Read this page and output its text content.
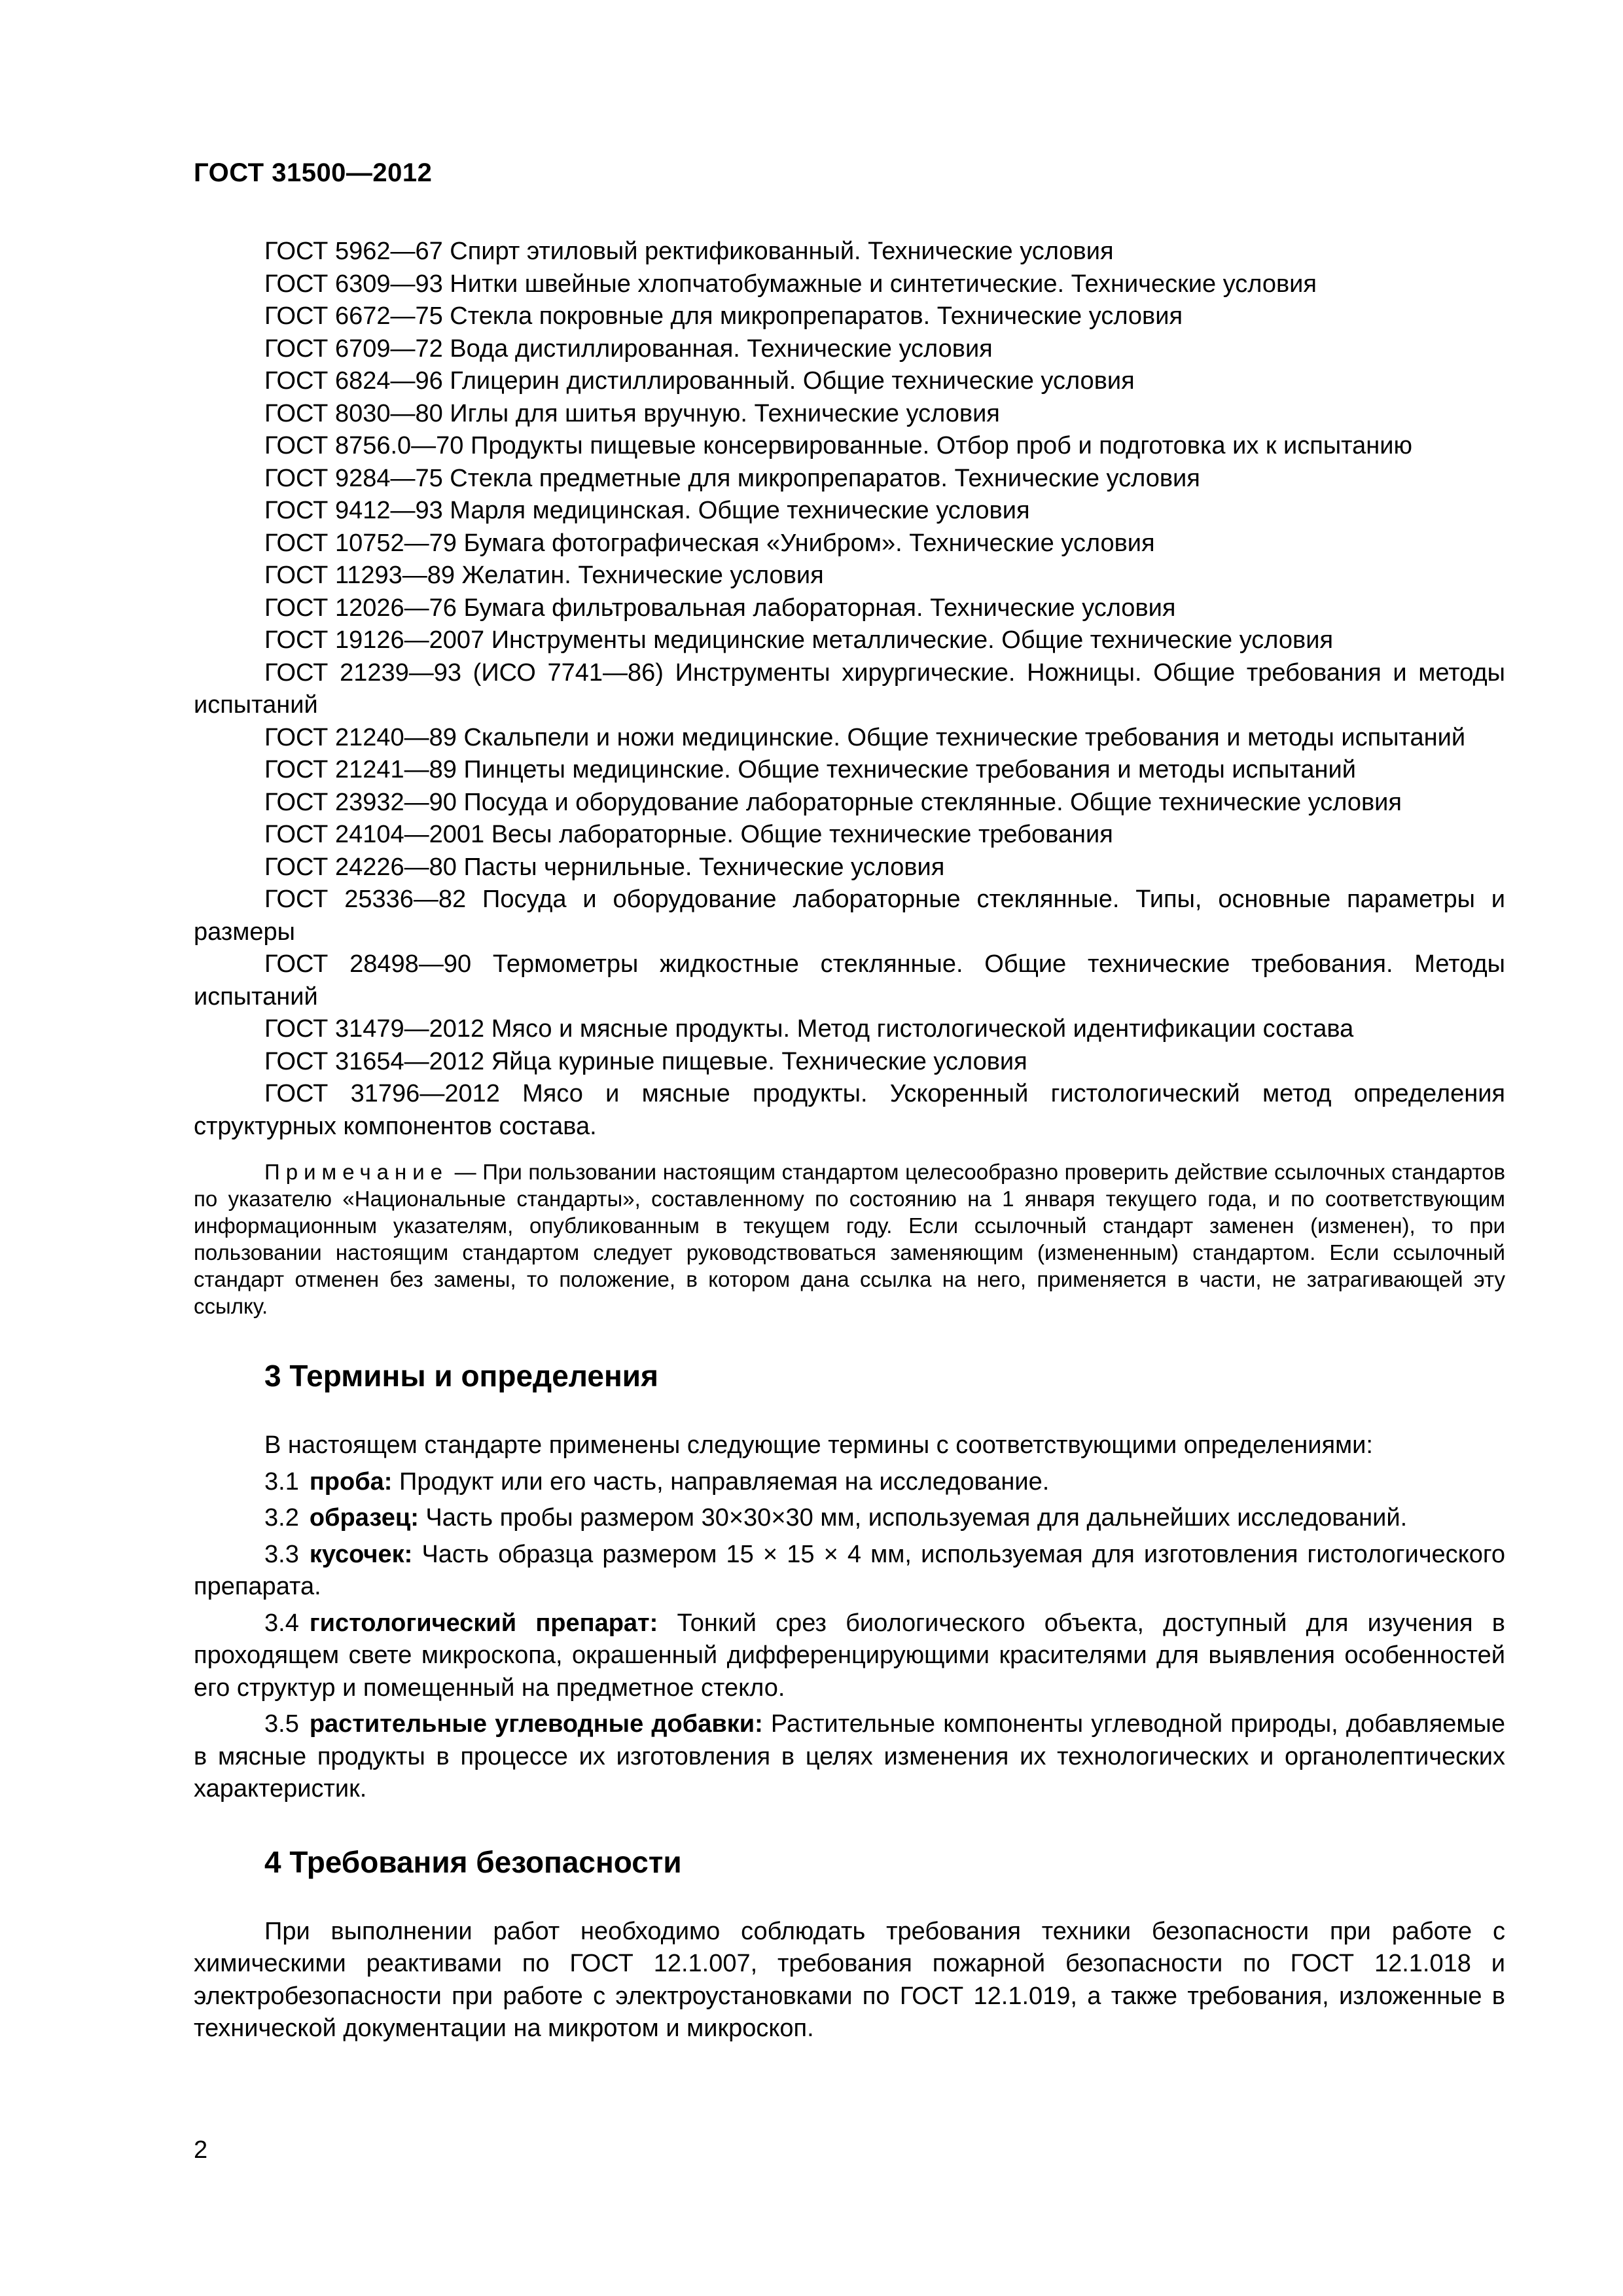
ГОСТ 31500—2012

ГОСТ 5962—67 Спирт этиловый ректификованный. Технические условия

ГОСТ 6309—93 Нитки швейные хлопчатобумажные и синтетические. Технические условия

ГОСТ 6672—75 Стекла покровные для микропрепаратов. Технические условия

ГОСТ 6709—72 Вода дистиллированная. Технические условия

ГОСТ 6824—96 Глицерин дистиллированный. Общие технические условия

ГОСТ 8030—80 Иглы для шитья вручную. Технические условия

ГОСТ 8756.0—70 Продукты пищевые консервированные. Отбор проб и подготовка их к испытанию

ГОСТ 9284—75 Стекла предметные для микропрепаратов. Технические условия

ГОСТ 9412—93 Марля медицинская. Общие технические условия

ГОСТ 10752—79 Бумага фотографическая «Унибром». Технические условия

ГОСТ 11293—89 Желатин. Технические условия

ГОСТ 12026—76 Бумага фильтровальная лабораторная. Технические условия

ГОСТ 19126—2007 Инструменты медицинские металлические. Общие технические условия

ГОСТ 21239—93 (ИСО 7741—86) Инструменты хирургические. Ножницы. Общие требования и методы испытаний

ГОСТ 21240—89 Скальпели и ножи медицинские. Общие технические требования и методы испытаний

ГОСТ 21241—89 Пинцеты медицинские. Общие технические требования и методы испытаний

ГОСТ 23932—90 Посуда и оборудование лабораторные стеклянные. Общие технические условия

ГОСТ 24104—2001 Весы лабораторные. Общие технические требования

ГОСТ 24226—80 Пасты чернильные. Технические условия

ГОСТ 25336—82 Посуда и оборудование лабораторные стеклянные. Типы, основные параметры и размеры

ГОСТ 28498—90 Термометры жидкостные стеклянные. Общие технические требования. Методы испытаний

ГОСТ 31479—2012 Мясо и мясные продукты. Метод гистологической идентификации состава

ГОСТ 31654—2012 Яйца куриные пищевые. Технические условия

ГОСТ 31796—2012 Мясо и мясные продукты. Ускоренный гистологический метод определения структурных компонентов состава.

Примечание — При пользовании настоящим стандартом целесообразно проверить действие ссылочных стандартов по указателю «Национальные стандарты», составленному по состоянию на 1 января текущего года, и по соответствующим информационным указателям, опубликованным в текущем году. Если ссылочный стандарт заменен (изменен), то при пользовании настоящим стандартом следует руководствоваться заменяющим (измененным) стандартом. Если ссылочный стандарт отменен без замены, то положение, в котором дана ссылка на него, применяется в части, не затрагивающей эту ссылку.

3 Термины и определения

В настоящем стандарте применены следующие термины с соответствующими определениями:

3.1 проба: Продукт или его часть, направляемая на исследование.

3.2 образец: Часть пробы размером 30×30×30 мм, используемая для дальнейших исследований.

3.3 кусочек: Часть образца размером 15 × 15 × 4 мм, используемая для изготовления гистологического препарата.

3.4 гистологический препарат: Тонкий срез биологического объекта, доступный для изучения в проходящем свете микроскопа, окрашенный дифференцирующими красителями для выявления особенностей его структур и помещенный на предметное стекло.

3.5 растительные углеводные добавки: Растительные компоненты углеводной природы, добавляемые в мясные продукты в процессе их изготовления в целях изменения их технологических и органолептических характеристик.

4 Требования безопасности

При выполнении работ необходимо соблюдать требования техники безопасности при работе с химическими реактивами по ГОСТ 12.1.007, требования пожарной безопасности по ГОСТ 12.1.018 и электробезопасности при работе с электроустановками по ГОСТ 12.1.019, а также требования, изложенные в технической документации на микротом и микроскоп.

2
